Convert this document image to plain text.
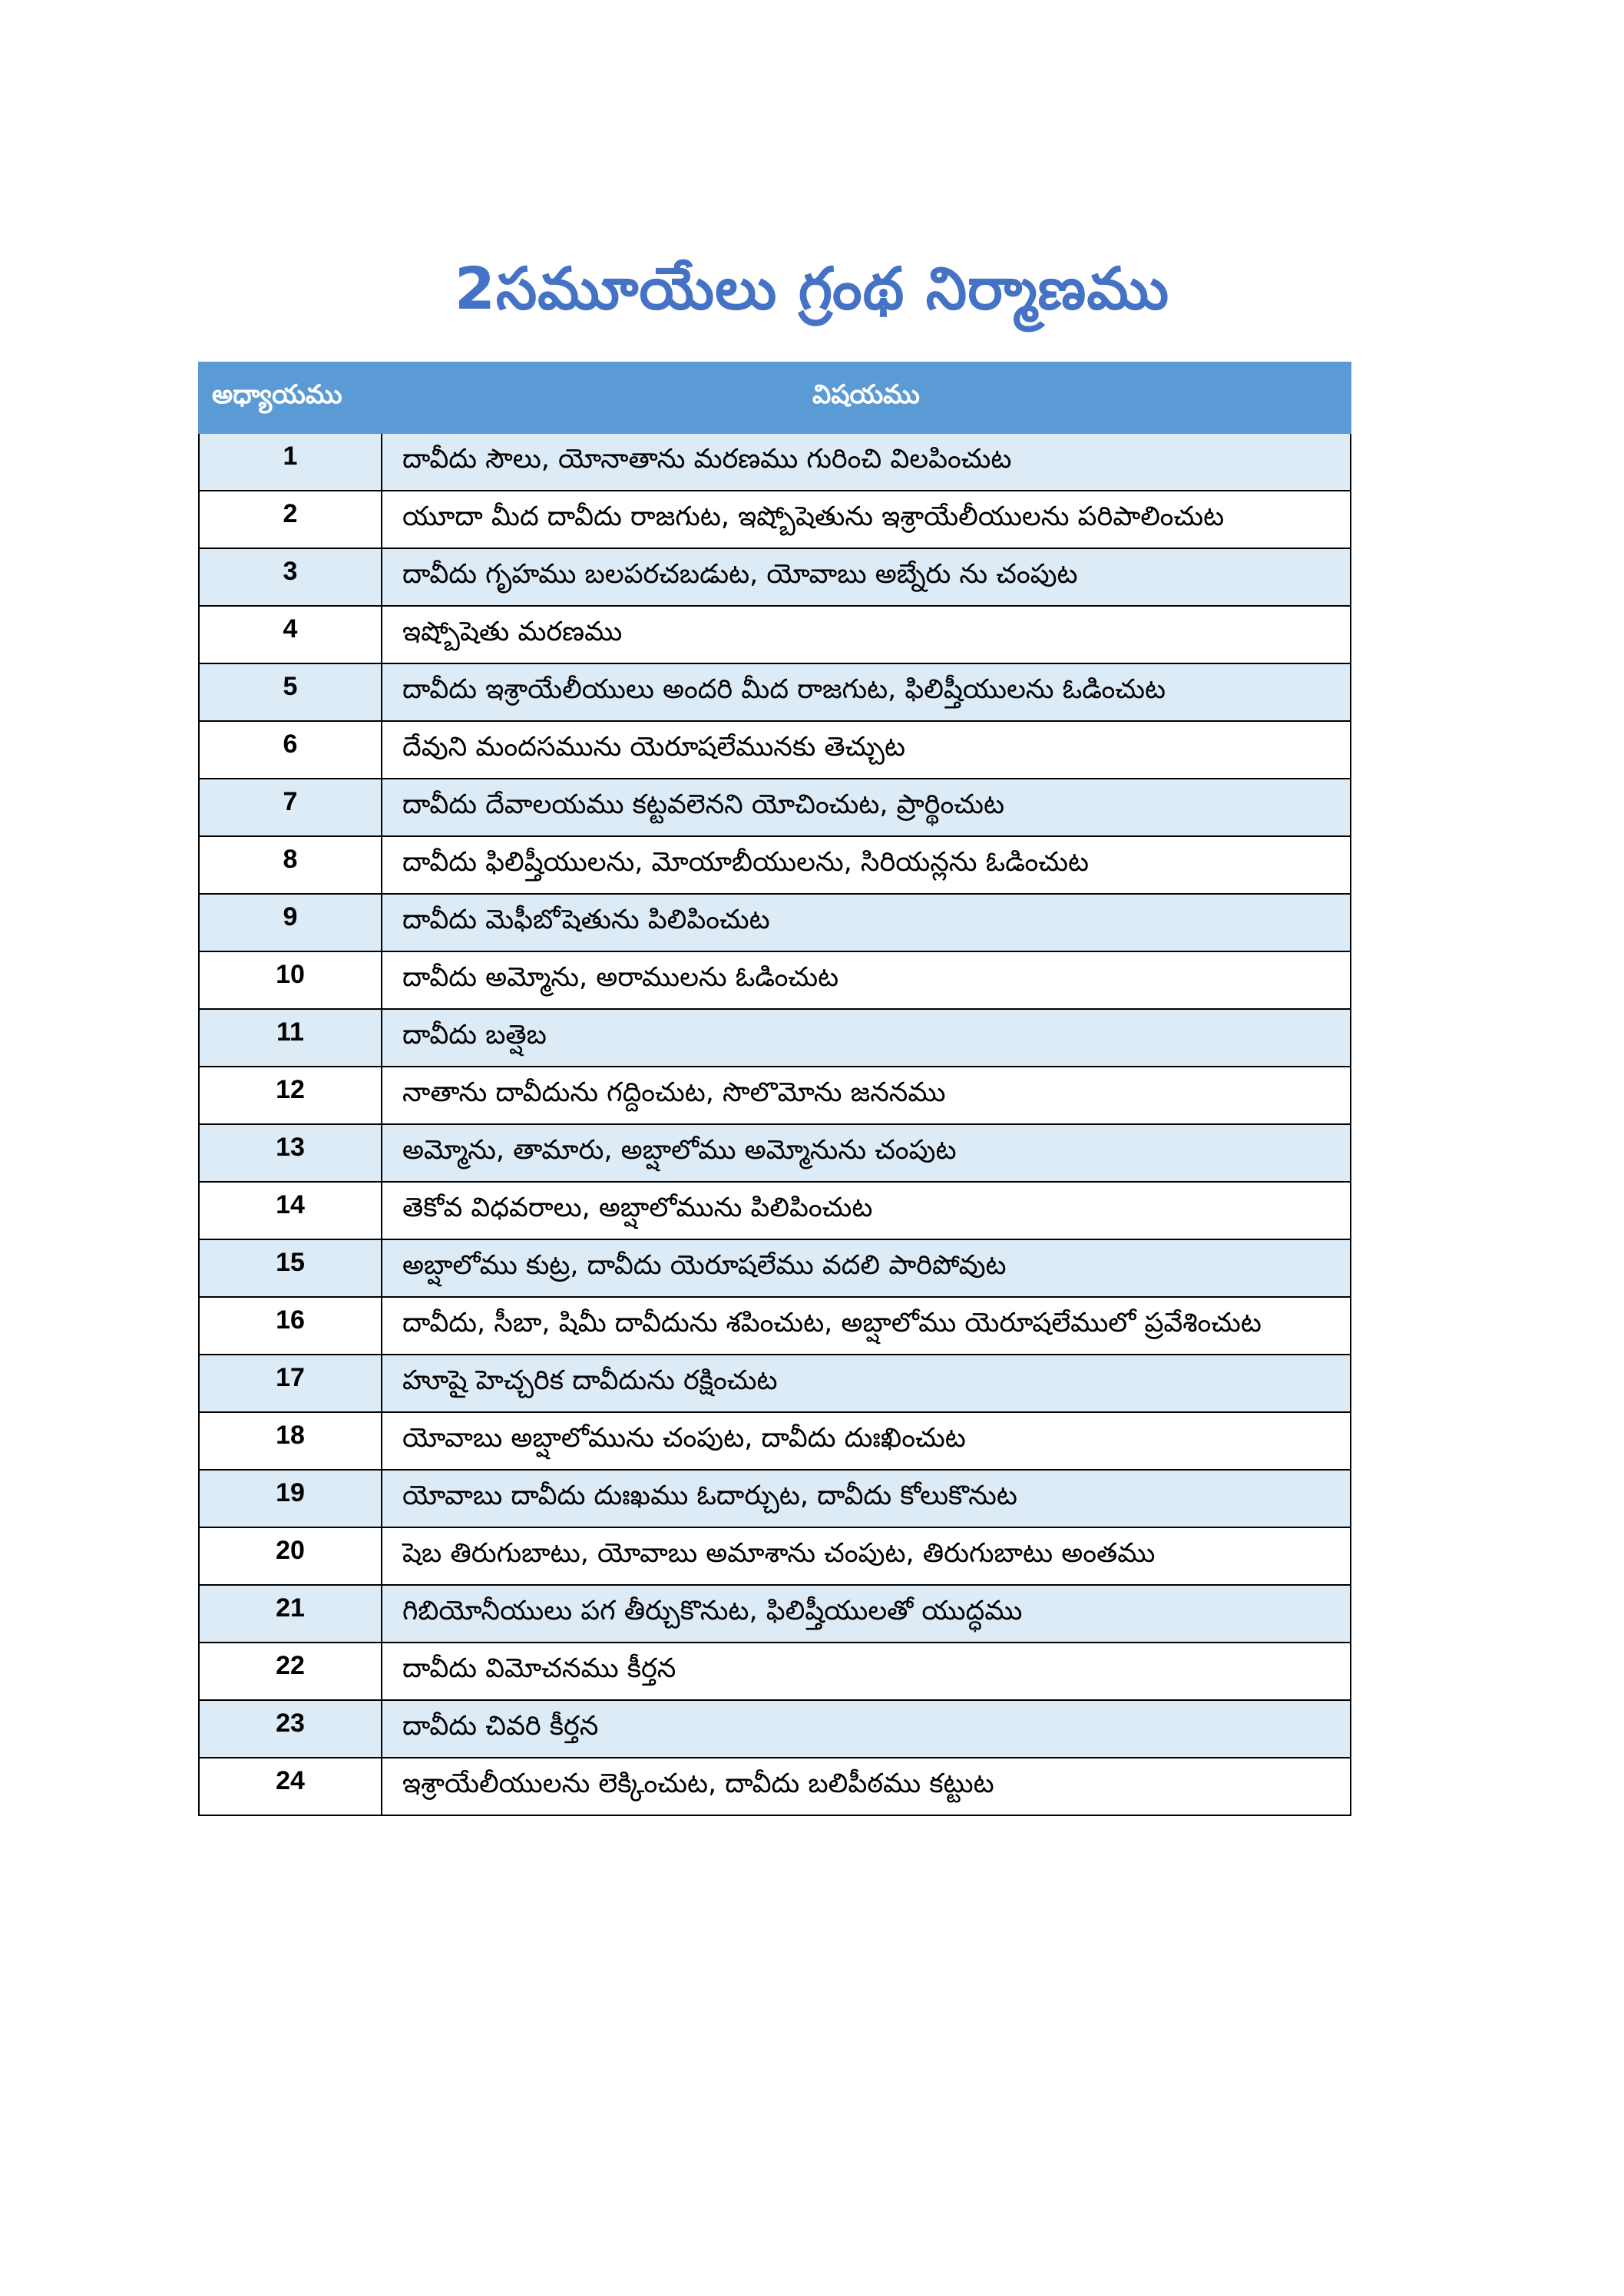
2సమూయేలు గ్రంథ నిర్మాణము
అధ్యాయము	విషయము
1	దావీదు సౌలు, యోనాతాను మరణము గురించి విలపించుట
2	యూదా మీద దావీదు రాజగుట, ఇష్బోషెతును ఇశ్రాయేలీయులను పరిపాలించుట
3	దావీదు గృహము బలపరచబడుట, యోవాబు అబ్నేరు ను చంపుట
4	ఇష్బోషెతు మరణము
5	దావీదు ఇశ్రాయేలీయులు అందరి మీద రాజగుట, ఫిలిష్తీయులను ఓడించుట
6	దేవుని మందసమును యెరూషలేమునకు తెచ్చుట
7	దావీదు దేవాలయము కట్టవలెనని యోచించుట, ప్రార్థించుట
8	దావీదు ఫిలిష్తీయులను, మోయాబీయులను, సిరియన్లను ఓడించుట
9	దావీదు మెఫీబోషెతును పిలిపించుట
10	దావీదు అమ్మోను, అరాములను ఓడించుట
11	దావీదు బత్షెబ
12	నాతాను దావీదును గద్దించుట, సొలొమోను జననము
13	అమ్మోను, తామారు, అబ్షాలోము అమ్మోనును చంపుట
14	తెకోవ విధవరాలు, అబ్షాలోమును పిలిపించుట
15	అబ్షాలోము కుట్ర, దావీదు యెరూషలేము వదలి పారిపోవుట
16	దావీదు, సీబా, షిమీ దావీదును శపించుట, అబ్షాలోము యెరూషలేములో ప్రవేశించుట
17	హూషై హెచ్చరిక దావీదును రక్షించుట
18	యోవాబు అబ్షాలోమును చంపుట, దావీదు దుఃఖించుట
19	యోవాబు దావీదు దుఃఖము ఓదార్చుట, దావీదు కోలుకొనుట
20	షెబ తిరుగుబాటు, యోవాబు అమాశాను చంపుట, తిరుగుబాటు అంతము
21	గిబియోనీయులు పగ తీర్చుకొనుట, ఫిలిష్తీయులతో యుద్ధము
22	దావీదు విమోచనము కీర్తన
23	దావీదు చివరి కీర్తన
24	ఇశ్రాయేలీయులను లెక్కించుట, దావీదు బలిపీఠము కట్టుట
